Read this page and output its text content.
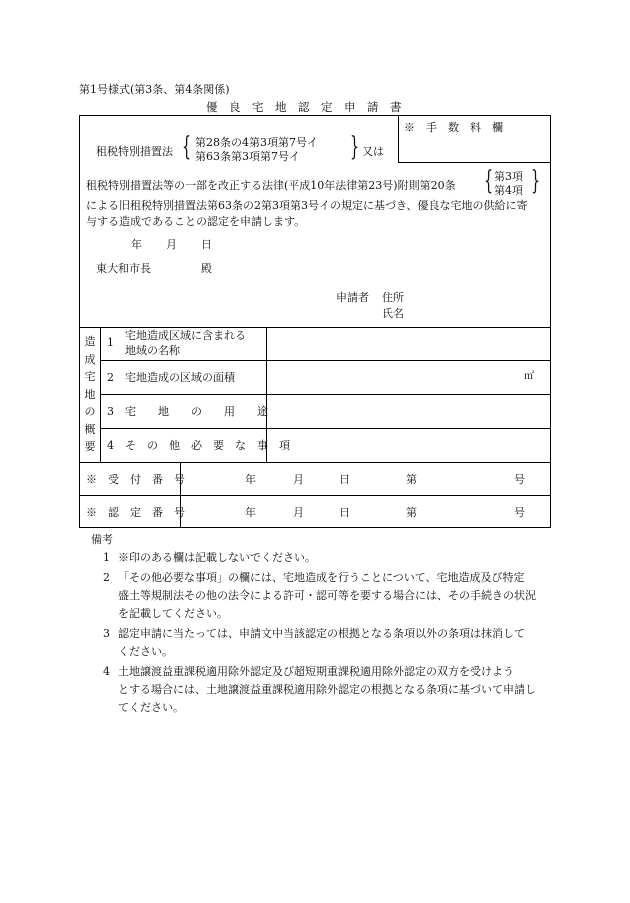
第1号様式(第3条、第4条関係)
優　良　宅　地　認　定　申　請　書
※　手　数　料　欄
租税特別措置法 { 第28条の4第3項第7号イ
第63条第3項第7号イ	} 又は
租税特別措置法等の一部を改正する法律(平成10年法律第23号)附則第20条 { 第3項
第4項 }
による旧租税特別措置法第63条の2第3項第3号イの規定に基づき、優良な宅地の供給に寄
与する造成であることの認定を申請します。
年 月 日
東大和市長	殿
申請者 住所
氏名
造
成
宅
地
の
概
要
1
宅地造成区域に含まれる
地域の名称
2 宅地造成の区域の面積	㎡
3 宅　　地　　の　　用　　途
4 そ　の　他　必　要　な　事　項
※　受　付　番　号	年	月	日	第	号
※　認　定　番　号	年	月	日	第	号
備考
1 ※印のある欄は記載しないでください。
2 「その他必要な事項」の欄には、宅地造成を行うことについて、宅地造成及び特定
盛土等規制法その他の法令による許可・認可等を要する場合には、その手続きの状況
を記載してください。
3 認定申請に当たっては、申請文中当該認定の根拠となる条項以外の条項は抹消して
ください。
4 土地譲渡益重課税適用除外認定及び超短期重課税適用除外認定の双方を受けよう
とする場合には、土地譲渡益重課税適用除外認定の根拠となる条項に基づいて申請し
てください。
